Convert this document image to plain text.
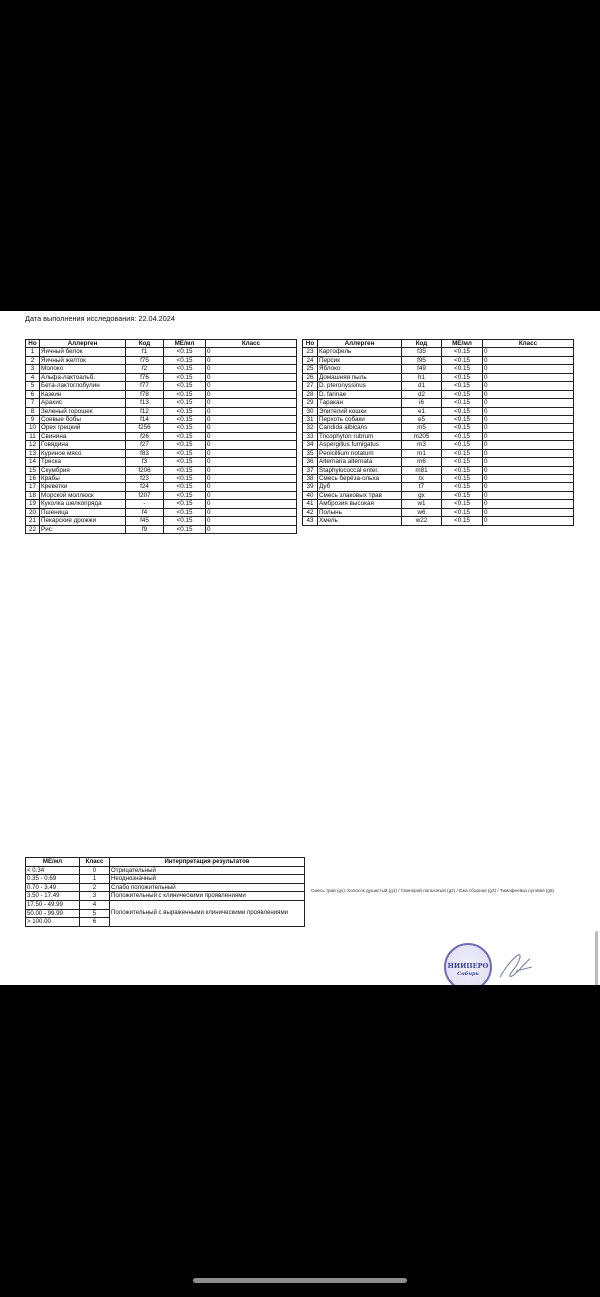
Дата выполнения исследования: 22.04.2024
Но	Аллерген	Код	МЕ/мл	Класс
1	Яичный белок	f1	<0.15	0
2	Яичный желток	f75	<0.15	0
3	Молоко	f2	<0.15	0
4	Альфа-лактоальб.	f76	<0.15	0
5	Бета-лактоглобулин	f77	<0.15	0
6	Казеин	f78	<0.15	0
7	Арахис	f13	<0.15	0
8	Зеленый горошек	f12	<0.15	0
9	Соевые бобы	f14	<0.15	0
10	Орех грецкий	f256	<0.15	0
11	Свинина	f26	<0.15	0
12	Говядина	f27	<0.15	0
13	Куриное мясо	f83	<0.15	0
14	Треска	f3	<0.15	0
15	Скумбрия	f206	<0.15	0
16	Крабы	f23	<0.15	0
17	Креветки	f24	<0.15	0
18	Морской моллюск	f207	<0.15	0
19	Куколка шелкопряда	-	<0.15	0
20	Пшеница	f4	<0.15	0
21	Пекарские дрожжи	f45	<0.15	0
22	Рис	f9	<0.15	0
Но	Аллерген	Код	МЕ/мл	Класс
23	Картофель	f35	<0.15	0
24	Персик	f95	<0.15	0
25	Яблоко	f49	<0.15	0
26	Домашняя пыль	h1	<0.15	0
27	D. pteronyssinus	d1	<0.15	0
28	D. farinae	d2	<0.15	0
29	Таракан	i6	<0.15	0
30	Эпителий кошки	e1	<0.15	0
31	Перхоть собаки	e5	<0.15	0
32	Candida albicans	m5	<0.15	0
33	Tricophyton rubrum	m205	<0.15	0
34	Aspergillus fumigatus	m3	<0.15	0
35	Penicillium notatum	m1	<0.15	0
36	Alternaria alternata	m6	<0.15	0
37	Staphylococcal enter.	m81	<0.15	0
38	Смесь берёза-ольха	tx	<0.15	0
39	Дуб	t7	<0.15	0
40	Смесь злаковых трав	gx	<0.15	0
41	Амброзия высокая	w1	<0.15	0
42	Полынь	w6	<0.15	0
43	Хмель	w22	<0.15	0
МЕ/мл	Класс	Интерпретация результатов
< 0.34	0	Отрицательный
0.35 - 0.69	1	Неоднозначный
0.70 - 3.49	2	Слабо положительный
3.50 - 17.49	3	Положительный с клиническими проявлениями
17.50 - 49.99	4	Положительный с выраженными клиническими проявлениями
50.00 - 99.99	5	
> 100.00	6	
Смесь трав (gx): Колосок душистый (g1) / Свинорой пальчатый (g2) / Ежа сборная (g3) / Тимофеевка луговая (g6)
НИИПЕРО
Сибирь
